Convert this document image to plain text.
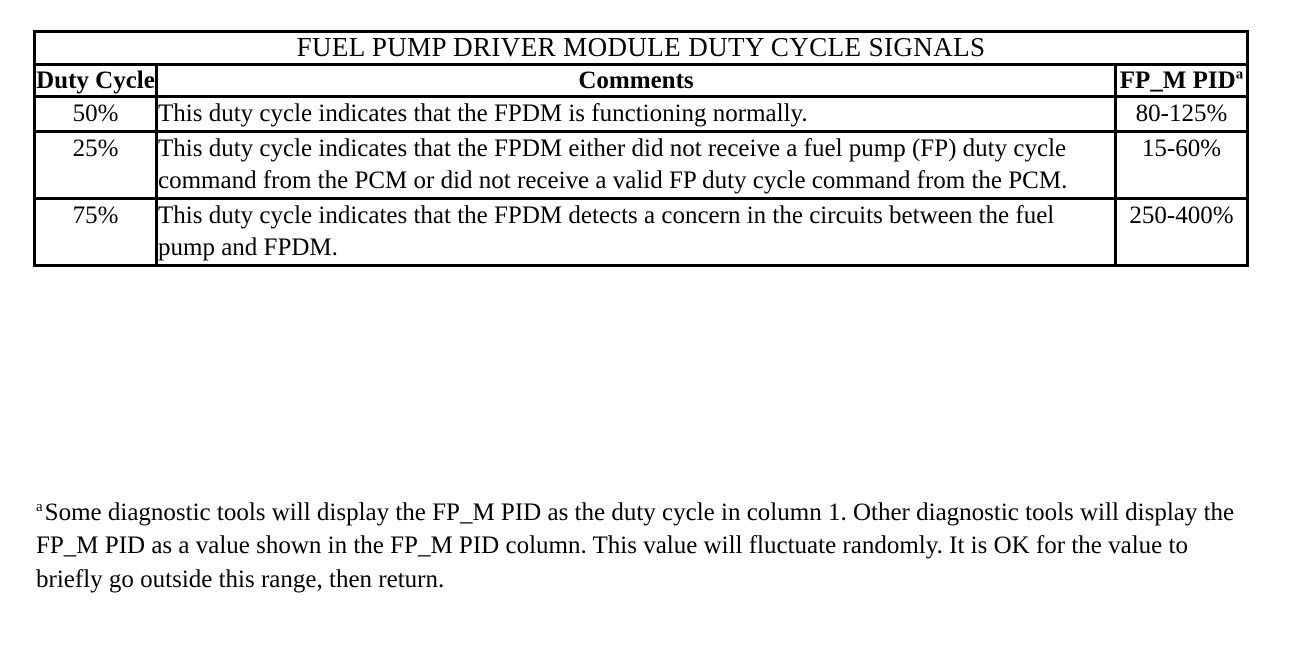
FUEL PUMP DRIVER MODULE DUTY CYCLE SIGNALS		
Duty Cycle	Comments	FP_M PID$^a$
50%	This duty cycle indicates that the FPDM is functioning normally.	80-125%
25%	This duty cycle indicates that the FPDM either did not receive a fuel pump (FP) duty cycle command from the PCM or did not receive a valid FP duty cycle command from the PCM.	15-60%
75%	This duty cycle indicates that the FPDM detects a concern in the circuits between the fuel pump and FPDM.	250-400%
$^a$Some diagnostic tools will display the FP_M PID as the duty cycle in column 1. Other diagnostic tools will display the FP_M PID as a value shown in the FP_M PID column. This value will fluctuate randomly. It is OK for the value to briefly go outside this range, then return.
